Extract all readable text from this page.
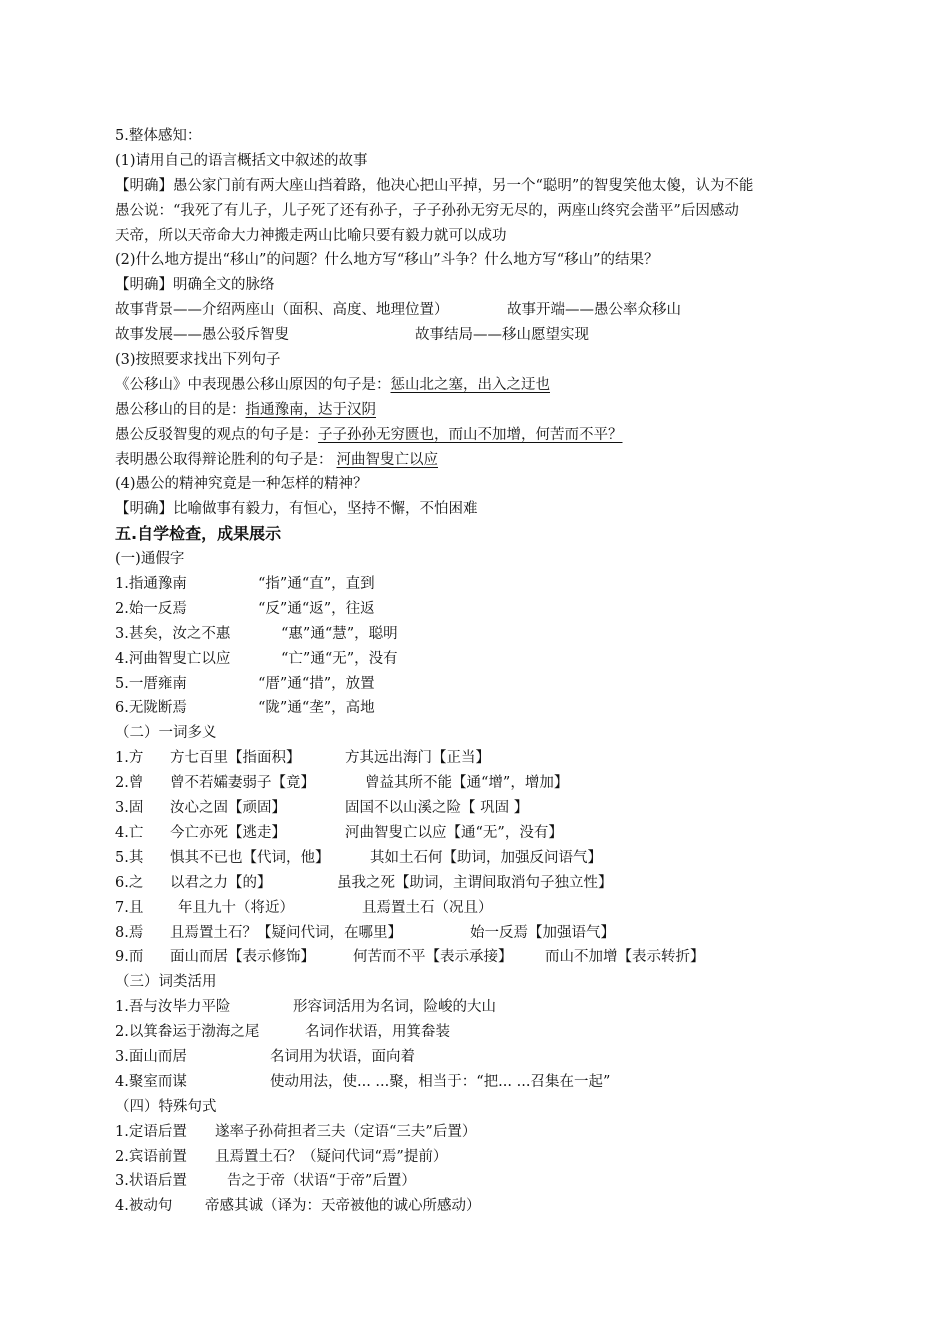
5.整体感知：
(1)请用自己的语言概括文中叙述的故事
【明确】愚公家门前有两大座山挡着路，他决心把山平掉，另一个“聪明”的智叟笑他太傻，认为不能
愚公说：“我死了有儿子，儿子死了还有孙子，子子孙孙无穷无尽的，两座山终究会凿平”后因感动
天帝，所以天帝命大力神搬走两山比喻只要有毅力就可以成功
(2)什么地方提出“移山”的问题？什么地方写“移山”斗争？什么地方写“移山”的结果？
【明确】明确全文的脉络
故事背景——介绍两座山（面积、高度、地理位置）	故事开端——愚公率众移山
故事发展——愚公驳斥智叟	故事结局——移山愿望实现
(3)按照要求找出下列句子
《公移山》中表现愚公移山原因的句子是：惩山北之塞，出入之迂也
愚公移山的目的是：指通豫南，达于汉阴
愚公反驳智叟的观点的句子是：子子孙孙无穷匮也，而山不加增，何苦而不平？
表明愚公取得辩论胜利的句子是： 河曲智叟亡以应
(4)愚公的精神究竟是一种怎样的精神？
【明确】比喻做事有毅力，有恒心，坚持不懈，不怕困难
五.自学检查，成果展示
(一)通假字
1.指通豫南	“指”通“直”，直到
2.始一反焉	“反”通“返”，往返
3.甚矣，汝之不惠	“惠”通“慧”，聪明
4.河曲智叟亡以应	“亡”通“无”，没有
5.一厝雍南	“厝”通“措”，放置
6.无陇断焉	“陇”通“垄”，高地
（二）一词多义
1.方 方七百里【指面积】	方其远出海门【正当】
2.曾 曾不若孀妻弱子【竟】	曾益其所不能【通“增”，增加】
3.固 汝心之固【顽固】	固国不以山溪之险【 巩固 】
4.亡 今亡亦死【逃走】	河曲智叟亡以应【通“无”，没有】
5.其 惧其不已也【代词，他】	其如土石何【助词，加强反问语气】
6.之 以君之力【的】	虽我之死【助词，主谓间取消句子独立性】
7.且 年且九十（将近）	且焉置土石（况且）
8.焉 且焉置土石？【疑问代词，在哪里】	始一反焉【加强语气】
9.而 面山而居【表示修饰】	何苦而不平【表示承接】 而山不加增【表示转折】
（三）词类活用
1.吾与汝毕力平险	形容词活用为名词，险峻的大山
2.以箕畚运于渤海之尾	名词作状语，用箕畚装
3.面山而居	名词用为状语，面向着
4.聚室而谋	使动用法，使... ...聚，相当于：“把... ...召集在一起”
（四）特殊句式
1.定语后置 遂率子孙荷担者三夫（定语“三夫”后置）
2.宾语前置 且焉置土石？（疑问代词“焉”提前）
3.状语后置	告之于帝（状语“于帝”后置）
4.被动句 帝感其诚（译为：天帝被他的诚心所感动）
